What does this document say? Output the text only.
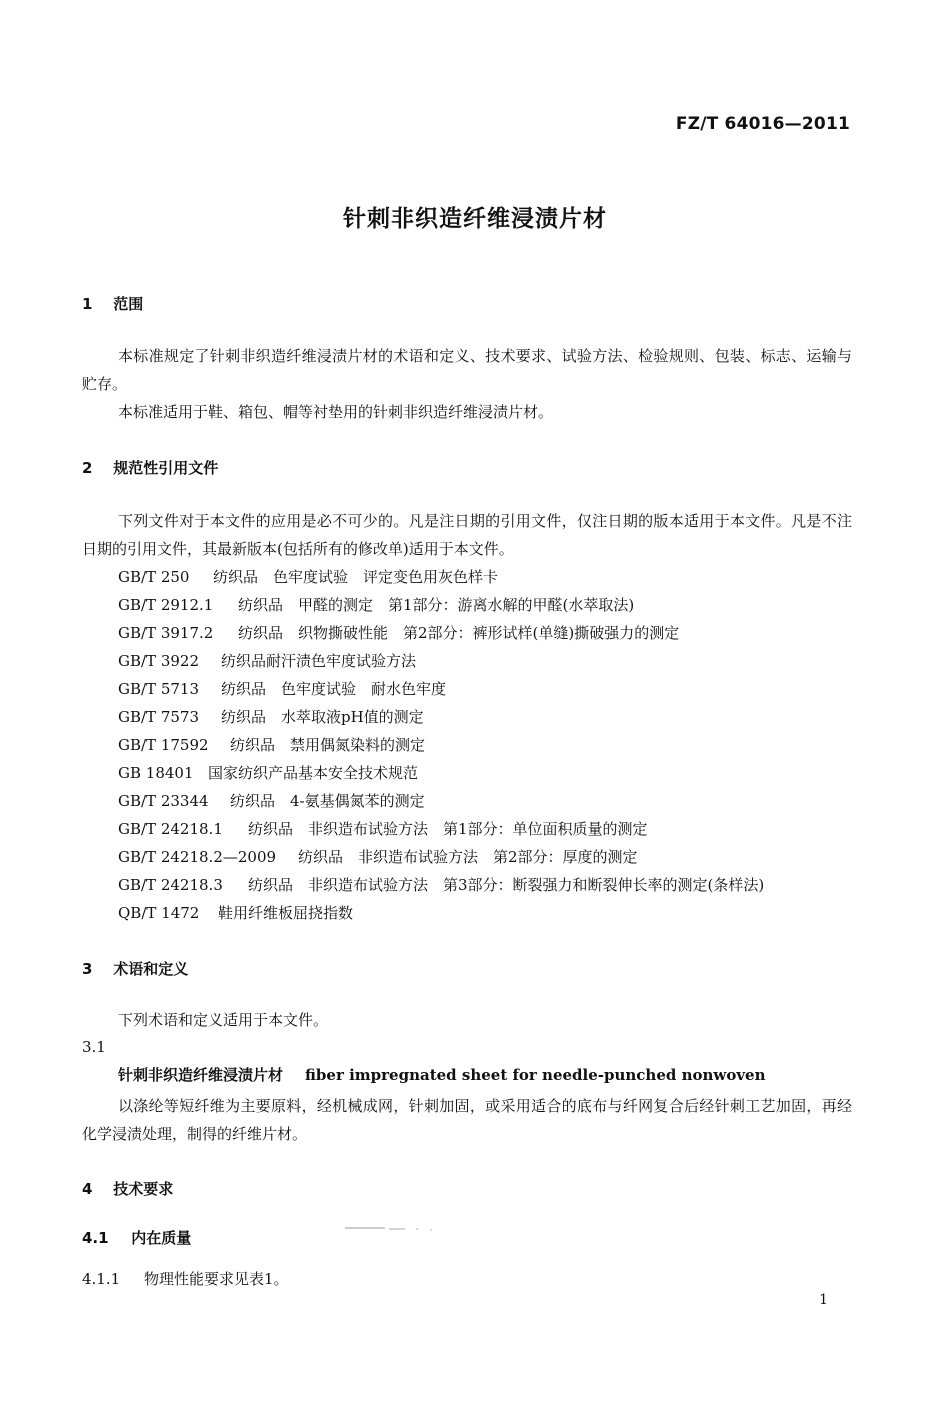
FZ/T 64016—2011
针刺非织造纤维浸渍片材
1 范围
本标准规定了针刺非织造纤维浸渍片材的术语和定义、技术要求、试验方法、检验规则、包装、标志、运输与贮存。
本标准适用于鞋、箱包、帽等衬垫用的针刺非织造纤维浸渍片材。
2 规范性引用文件
下列文件对于本文件的应用是必不可少的。凡是注日期的引用文件，仅注日期的版本适用于本文件。凡是不注日期的引用文件，其最新版本(包括所有的修改单)适用于本文件。
GB/T 250 纺织品　色牢度试验　评定变色用灰色样卡
GB/T 2912.1 纺织品　甲醛的测定　第1部分：游离水解的甲醛(水萃取法)
GB/T 3917.2 纺织品　织物撕破性能　第2部分：裤形试样(单缝)撕破强力的测定
GB/T 3922 纺织品耐汗渍色牢度试验方法
GB/T 5713 纺织品　色牢度试验　耐水色牢度
GB/T 7573 纺织品　水萃取液pH值的测定
GB/T 17592 纺织品　禁用偶氮染料的测定
GB 18401 国家纺织产品基本安全技术规范
GB/T 23344 纺织品　4-氨基偶氮苯的测定
GB/T 24218.1 纺织品　非织造布试验方法　第1部分：单位面积质量的测定
GB/T 24218.2—2009 纺织品　非织造布试验方法　第2部分：厚度的测定
GB/T 24218.3 纺织品　非织造布试验方法　第3部分：断裂强力和断裂伸长率的测定(条样法)
QB/T 1472 鞋用纤维板屈挠指数
3 术语和定义
下列术语和定义适用于本文件。
3.1
针刺非织造纤维浸渍片材 fiber impregnated sheet for needle-punched nonwoven
以涤纶等短纤维为主要原料，经机械成网，针刺加固，或采用适合的底布与纤网复合后经针刺工艺加固，再经化学浸渍处理，制得的纤维片材。
4 技术要求
4.1 内在质量
4.1.1 物理性能要求见表1。
1
